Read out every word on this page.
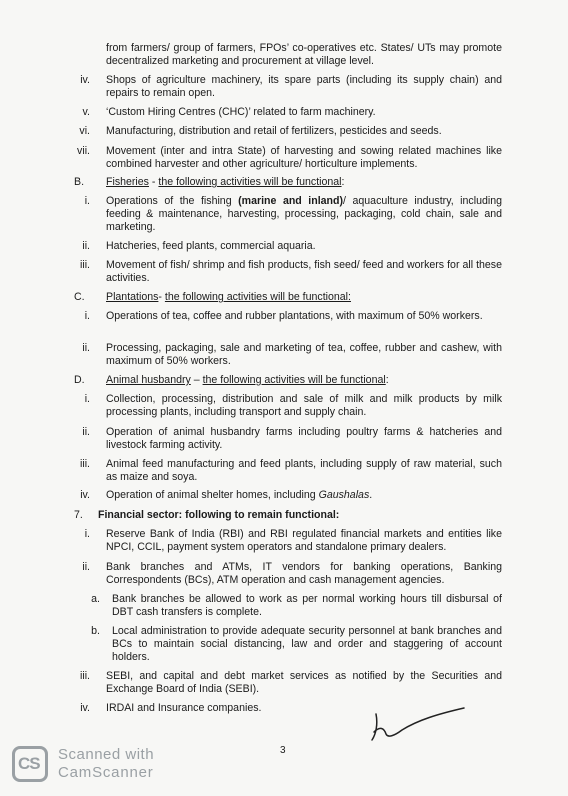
from farmers/ group of farmers, FPOs’ co-operatives etc. States/ UTs may promote decentralized marketing and procurement at village level.
iv. Shops of agriculture machinery, its spare parts (including its supply chain) and repairs to remain open.
v. ‘Custom Hiring Centres (CHC)’ related to farm machinery.
vi. Manufacturing, distribution and retail of fertilizers, pesticides and seeds.
vii. Movement (inter and intra State) of harvesting and sowing related machines like combined harvester and other agriculture/ horticulture implements.
B.	Fisheries - the following activities will be functional:
i. Operations of the fishing (marine and inland)/ aquaculture industry, including feeding & maintenance, harvesting, processing, packaging, cold chain, sale and marketing.
ii. Hatcheries, feed plants, commercial aquaria.
iii. Movement of fish/ shrimp and fish products, fish seed/ feed and workers for all these activities.
C.	Plantations- the following activities will be functional:
i. Operations of tea, coffee and rubber plantations, with maximum of 50% workers.
ii. Processing, packaging, sale and marketing of tea, coffee, rubber and cashew, with maximum of 50% workers.
D.	Animal husbandry – the following activities will be functional:
i. Collection, processing, distribution and sale of milk and milk products by milk processing plants, including transport and supply chain.
ii. Operation of animal husbandry farms including poultry farms & hatcheries and livestock farming activity.
iii. Animal feed manufacturing and feed plants, including supply of raw material, such as maize and soya.
iv. Operation of animal shelter homes, including Gaushalas.
7.	Financial sector: following to remain functional:
i. Reserve Bank of India (RBI) and RBI regulated financial markets and entities like NPCI, CCIL, payment system operators and standalone primary dealers.
ii. Bank branches and ATMs, IT vendors for banking operations, Banking Correspondents (BCs), ATM operation and cash management agencies.
a. Bank branches be allowed to work as per normal working hours till disbursal of DBT cash transfers is complete.
b. Local administration to provide adequate security personnel at bank branches and BCs to maintain social distancing, law and order and staggering of account holders.
iii. SEBI, and capital and debt market services as notified by the Securities and Exchange Board of India (SEBI).
iv. IRDAI and Insurance companies.
3
CS Scanned with
CamScanner
